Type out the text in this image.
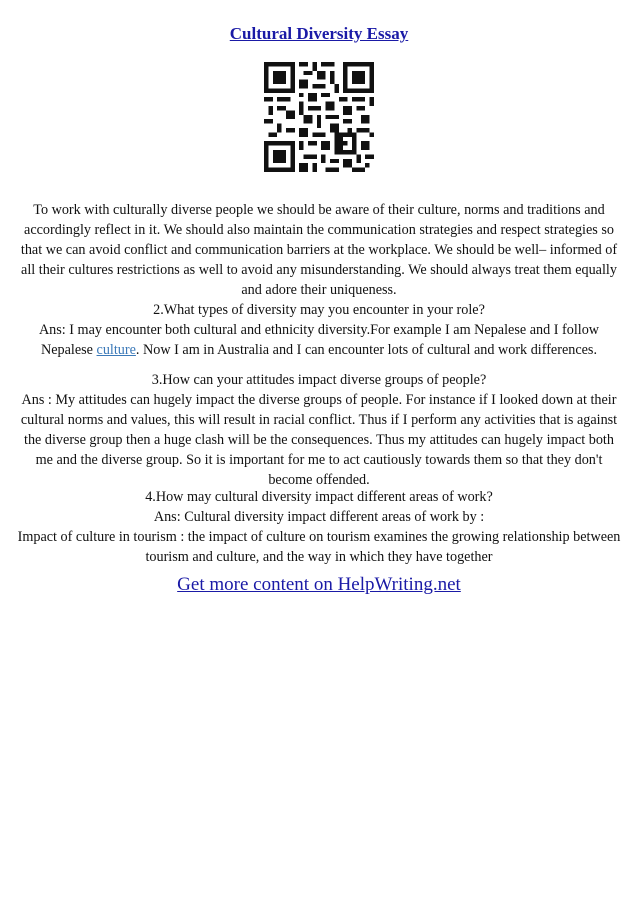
Cultural Diversity Essay

To work with culturally diverse people we should be aware of their culture, norms and traditions and accordingly reflect in it. We should also maintain the communication strategies and respect strategies so that we can avoid conflict and communication barriers at the workplace. We should be well– informed of all their cultures restrictions as well to avoid any misunderstanding. We should always treat them equally and adore their uniqueness.

2.What types of diversity may you encounter in your role?

Ans: I may encounter both cultural and ethnicity diversity.For example I am Nepalese and I follow Nepalese culture. Now I am in Australia and I can encounter lots of cultural and work differences.

3.How can your attitudes impact diverse groups of people?

Ans : My attitudes can hugely impact the diverse groups of people. For instance if I looked down at their cultural norms and values, this will result in racial conflict. Thus if I perform any activities that is against the diverse group then a huge clash will be the consequences. Thus my attitudes can hugely impact both me and the diverse group. So it is important for me to act cautiously towards them so that they don't become offended.

4.How may cultural diversity impact different areas of work?

Ans: Cultural diversity impact different areas of work by :

Impact of culture in tourism : the impact of culture on tourism examines the growing relationship between tourism and culture, and the way in which they have together

Get more content on HelpWriting.net
